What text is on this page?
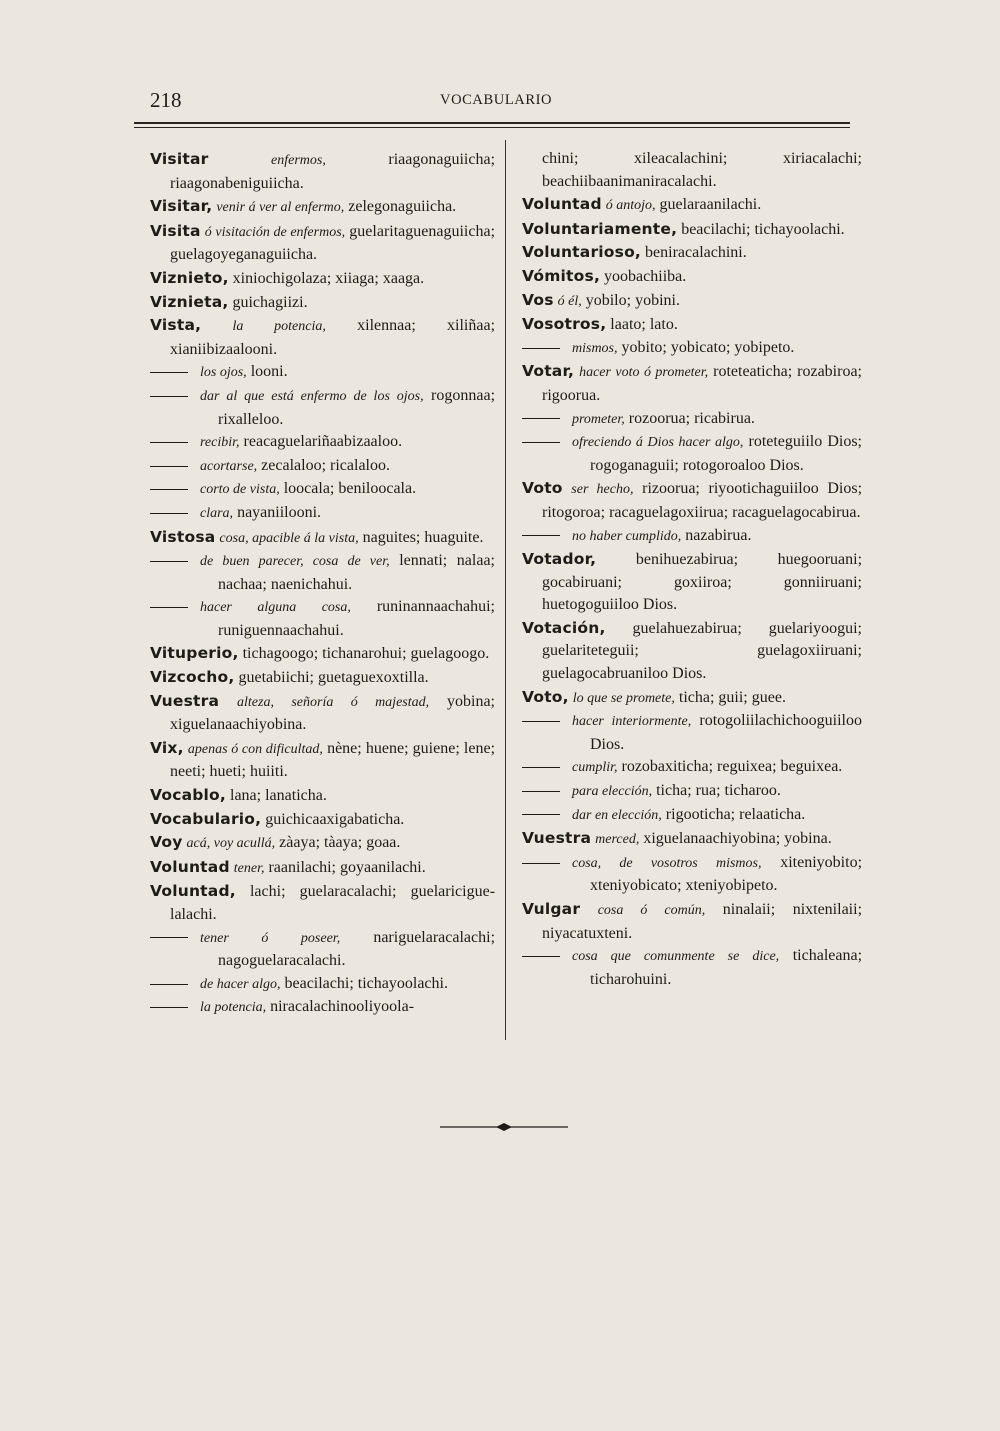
218	VOCABULARIO

Visitar	enfermos,	riaagonaguiicha; riaagonabeniguiicha.

Visitar, venir á ver al enfermo, zelegonaguiicha.

Visita ó visitación de enfermos, guelaritaguenaguiicha; guelagoyeganaguiicha.

Viznieto, xiniochigolaza; xiiaga; xaaga.

Viznieta, guichagiizi.

Vista, la potencia, xilennaa; xiliñaa; xianiibizaalooni.

los ojos, looni.

dar al que está enfermo de los ojos, rogonnaa; rixalleloo.

recibir, reacaguelariñaabizaaloo.

acortarse, zecalaloo; ricalaloo.

corto de vista, loocala; beniloocala.

clara, nayaniilooni.

Vistosa cosa, apacible á la vista, naguites; huaguite.

de buen parecer, cosa de ver, lennati; nalaa; nachaa; naenichahui.

hacer alguna cosa, runinannaachahui; runiguennaachahui.

Vituperio, tichagoogo; tichanarohui; guelagoogo.

Vizcocho, guetabiichi; guetaguexoxtilla.

Vuestra alteza, señoría ó majestad, yobina; xiguelanaachiyobina.

Vix, apenas ó con dificultad, nène; huene; guiene; lene; neeti; hueti; huiiti.

Vocablo, lana; lanaticha.

Vocabulario, guichicaaxigabaticha.

Voy acá, voy acullá, zàaya; tàaya; goaa.

Voluntad tener, raanilachi; goyaanilachi.

Voluntad, lachi; guelaracalachi; guelariciguelalachi.

tener ó poseer, nariguelaracalachi; nagoguelaracalachi.

de hacer algo, beacilachi; tichayoolachi.

la potencia, niracalachinooliyoola-

chini; xileacalachini; xiriacalachi; beachiibaanimaniracalachi.

Voluntad ó antojo, guelaraanilachi.

Voluntariamente, beacilachi; tichayoolachi.

Voluntarioso, beniracalachini.

Vómitos, yoobachiiba.

Vos ó él, yobilo; yobini.

Vosotros, laato; lato.

mismos, yobito; yobicato; yobipeto.

Votar, hacer voto ó prometer, roteteaticha; rozabiroa; rigoorua.

prometer, rozoorua; ricabirua.

ofreciendo á Dios hacer algo, roteteguiilo Dios; rogoganaguii; rotogoroaloo Dios.

Voto ser hecho, rizoorua; riyootichaguiiloo Dios; ritogoroa; racaguelagoxiirua; racaguelagocabirua.

no haber cumplido, nazabirua.

Votador, benihuezabirua; huegooruani; gocabiruani; goxiiroa; gonniiruani; huetogoguiiloo Dios.

Votación, guelahuezabirua; guelariyoogui; guelariteteguii; guelagoxiiruani; guelagocabruaniloo Dios.

Voto, lo que se promete, ticha; guii; guee.

hacer interiormente, rotogoliilachichooguiiloo Dios.

cumplir, rozobaxiticha; reguixea; beguixea.

para elección, ticha; rua; ticharoo.

dar en elección, rigooticha; relaaticha.

Vuestra merced, xiguelanaachiyobina; yobina.

cosa, de vosotros mismos, xiteniyobito; xteniyobicato; xteniyobipeto.

Vulgar cosa ó común, ninalaii; nixtenilaii; niyacatuxteni.

cosa que comunmente se dice, tichaleana; ticharohuini.
